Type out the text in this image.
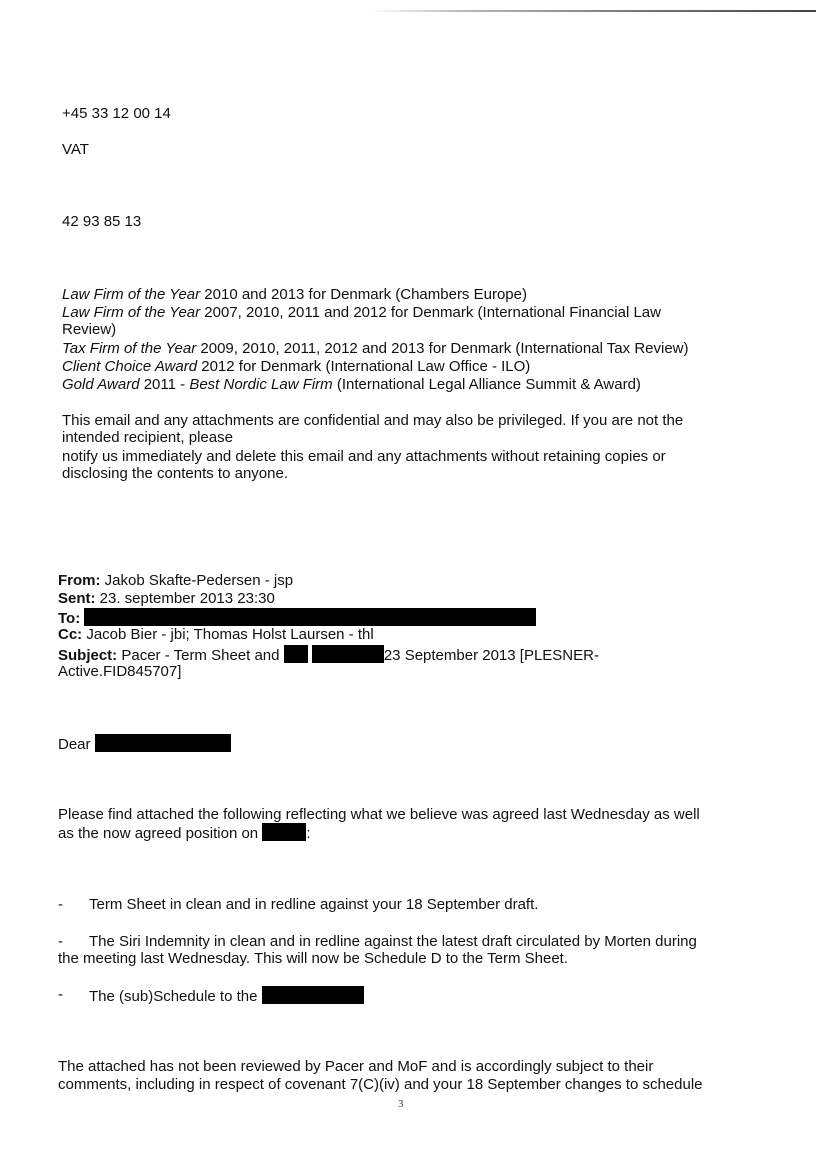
+45 33 12 00 14
VAT
42 93 85 13
Law Firm of the Year 2010 and 2013 for Denmark (Chambers Europe)
Law Firm of the Year 2007, 2010, 2011 and 2012 for Denmark (International Financial Law
Review)
Tax Firm of the Year 2009, 2010, 2011, 2012 and 2013 for Denmark (International Tax Review)
Client Choice Award 2012 for Denmark (International Law Office - ILO)
Gold Award 2011 - Best Nordic Law Firm (International Legal Alliance Summit & Award)
This email and any attachments are confidential and may also be privileged. If you are not the
intended recipient, please
notify us immediately and delete this email and any attachments without retaining copies or
disclosing the contents to anyone.
From: Jakob Skafte-Pedersen - jsp
Sent: 23. september 2013 23:30
To:
Cc: Jacob Bier - jbi; Thomas Holst Laursen - thl
Subject: Pacer - Term Sheet and	23 September 2013 [PLESNER-
Active.FID845707]
Dear
Please find attached the following reflecting what we believe was agreed last Wednesday as well
as the now agreed position on	:
- Term Sheet in clean and in redline against your 18 September draft.
- The Siri Indemnity in clean and in redline against the latest draft circulated by Morten during
the meeting last Wednesday. This will now be Schedule D to the Term Sheet.
- The (sub)Schedule to the
The attached has not been reviewed by Pacer and MoF and is accordingly subject to their
comments, including in respect of covenant 7(C)(iv) and your 18 September changes to schedule
3
